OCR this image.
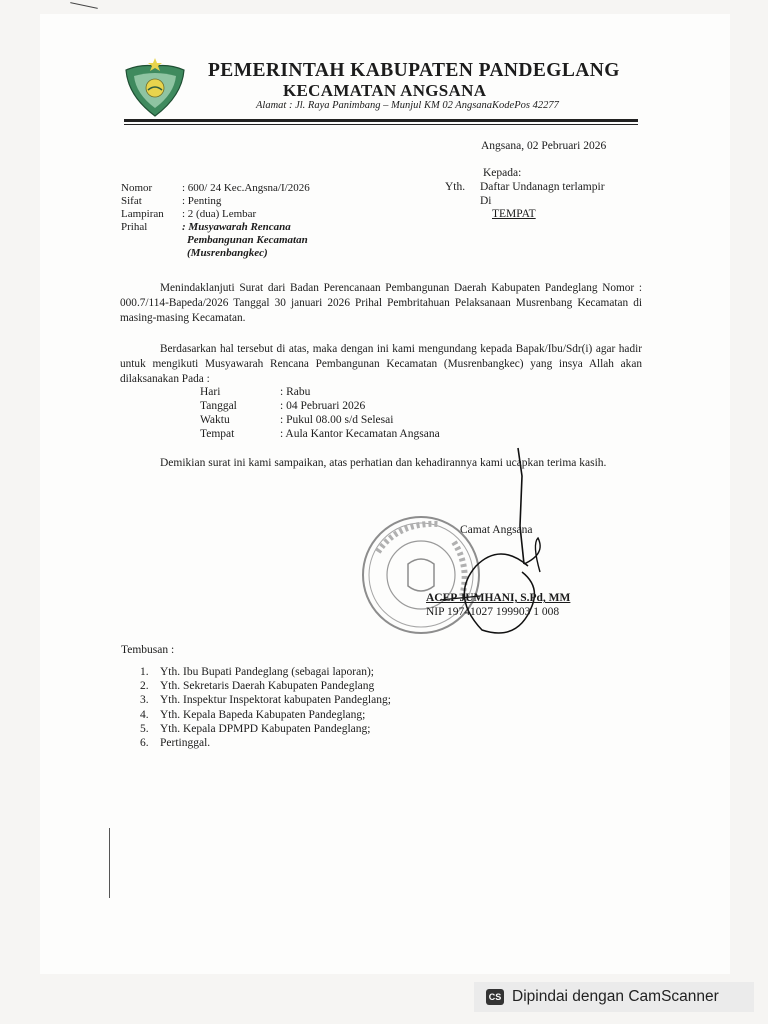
PEMERINTAH KABUPATEN PANDEGLANG
KECAMATAN ANGSANA
Alamat : Jl. Raya Panimbang – Munjul KM 02 AngsanaKodePos 42277
Angsana, 02 Pebruari 2026
Kepada:
Yth. Daftar Undanagn terlampir
Di
TEMPAT
Nomor	: 600/ 24 Kec.Angsna/I/2026
Sifat	: Penting
Lampiran : 2 (dua) Lembar
Prihal	: Musyawarah Rencana
Pembangunan Kecamatan
(Musrenbangkec)
Menindaklanjuti Surat dari Badan Perencanaan Pembangunan Daerah Kabupaten Pandeglang Nomor : 000.7/114-Bapeda/2026 Tanggal 30 januari 2026 Prihal Pembritahuan Pelaksanaan Musrenbang Kecamatan di masing-masing Kecamatan.
Berdasarkan hal tersebut di atas, maka dengan ini kami mengundang kepada Bapak/Ibu/Sdr(i) agar hadir untuk mengikuti Musyawarah Rencana Pembangunan Kecamatan (Musrenbangkec) yang insya Allah akan dilaksanakan Pada :
Hari	: Rabu
Tanggal	: 04 Pebruari 2026
Waktu	: Pukul 08.00 s/d Selesai
Tempat	: Aula Kantor Kecamatan Angsana
Demikian surat ini kami sampaikan, atas perhatian dan kehadirannya kami ucapkan terima kasih.
Camat Angsana
ACEP JUMHANI, S.Pd, MM
NIP 19741027 199903 1 008
Tembusan :
1. Yth. Ibu Bupati Pandeglang (sebagai laporan);
2. Yth. Sekretaris Daerah Kabupaten Pandeglang
3. Yth. Inspektur Inspektorat kabupaten Pandeglang;
4. Yth. Kepala Bapeda Kabupaten Pandeglang;
5. Yth. Kepala DPMPD Kabupaten Pandeglang;
6. Pertinggal.
CS Dipindai dengan CamScanner
